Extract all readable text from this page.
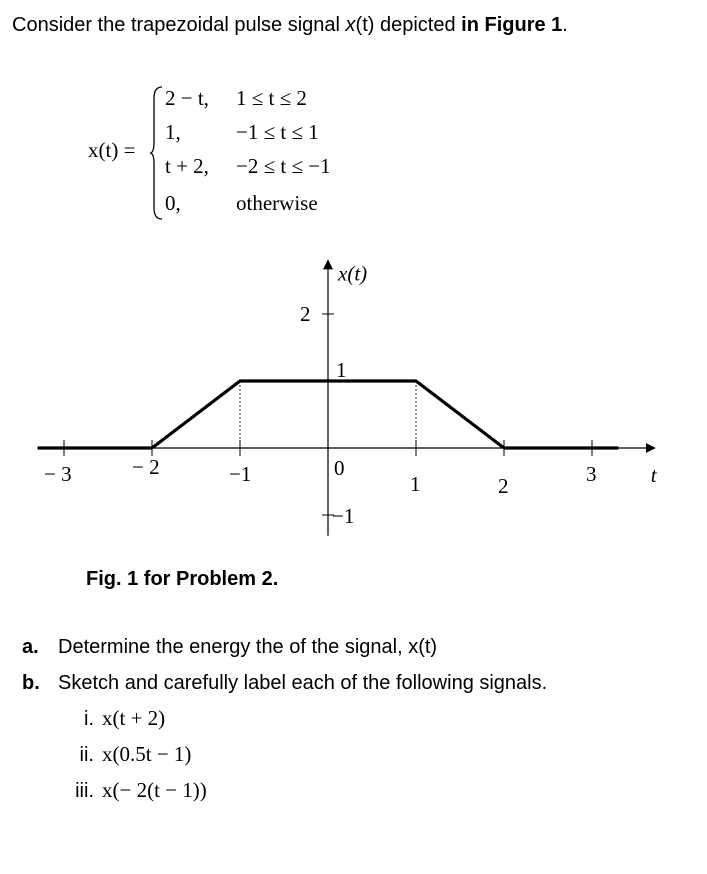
Consider the trapezoidal pulse signal x(t) depicted in Figure 1.
x(t) =
2 − t, 1 ≤ t ≤ 2
1,	−1 ≤ t ≤ 1
t + 2, −2 ≤ t ≤ −1
0,	otherwise
− 3	− 2	−1	0
1	2	3
2
1
−1
x(t)
t
Fig. 1 for Problem 2.
a. Determine the energy the of the signal, x(t)
b. Sketch and carefully label each of the following signals.
i. x(t + 2)
ii. x(0.5t − 1)
iii. x(− 2(t − 1))
